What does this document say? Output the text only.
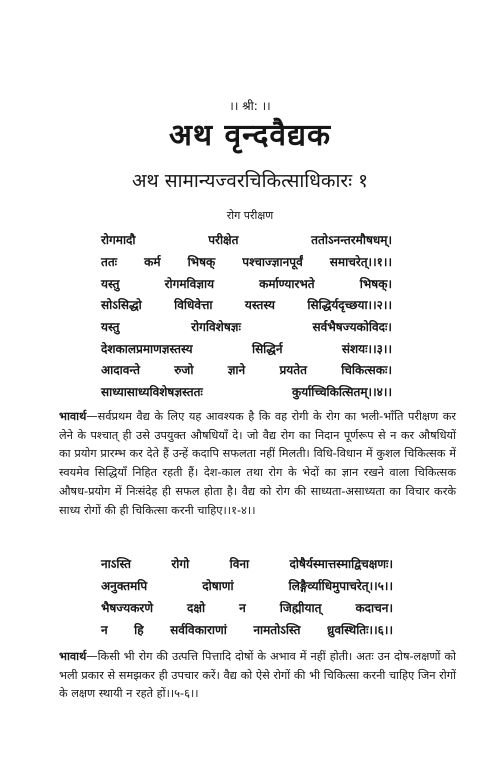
।। श्री: ।।
अथ वृन्दवैद्यक
अथ सामान्यज्वरचिकित्साधिकारः १
रोग परीक्षण
रोगमादौ परीक्षेत ततोऽनन्तरमौषधम्।
ततः कर्म भिषक् पश्चाज्ज्ञानपूर्वं समाचरेत्।।१।।
यस्तु रोगमविज्ञाय कर्माण्यारभते भिषक्।
सोऽसिद्धो विधिवेत्ता यस्तस्य सिद्धिर्यदृच्छया।।२।।
यस्तु रोगविशेषज्ञः सर्वभैषज्यकोविदः।
देशकालप्रमाणज्ञस्तस्य सिद्धिर्न संशयः।।३।।
आदावन्ते रुजो ज्ञाने प्रयतेत चिकित्सकः।
साध्यासाध्यविशेषज्ञस्ततः कुर्याच्चिकित्सितम्।।४।।
भावार्थ—सर्वप्रथम वैद्य के लिए यह आवश्यक है कि वह रोगी के रोग का भली-भाँति परीक्षण कर लेने के पश्चात् ही उसे उपयुक्त औषधियाँ दे। जो वैद्य रोग का निदान पूर्णरूप से न कर औषधियों का प्रयोग प्रारम्भ कर देते हैं उन्हें कदापि सफलता नहीं मिलती। विधि-विधान में कुशल चिकित्सक में स्वयमेव सिद्धियाँ निहित रहती हैं। देश-काल तथा रोग के भेदों का ज्ञान रखने वाला चिकित्सक औषध-प्रयोग में निःसंदेह ही सफल होता है। वैद्य को रोग की साध्यता-असाध्यता का विचार करके साध्य रोगों की ही चिकित्सा करनी चाहिए।।१-४।।
नाऽस्ति रोगो विना दोषैर्यस्मात्तस्माद्विचक्षणः।
अनुक्तमपि दोषाणां लिङ्गैर्व्याधिमुपाचरेत्।।५।।
भैषज्यकरणे दक्षो न जिह्मीयात् कदाचन।
न हि सर्वविकाराणां नामतोऽस्ति ध्रुवस्थितिः।।६।।
भावार्थ—किसी भी रोग की उत्पत्ति पित्तादि दोषों के अभाव में नहीं होती। अतः उन दोष-लक्षणों को भली प्रकार से समझकर ही उपचार करें। वैद्य को ऐसे रोगों की भी चिकित्सा करनी चाहिए जिन रोगों के लक्षण स्थायी न रहते हों।।५-६।।
